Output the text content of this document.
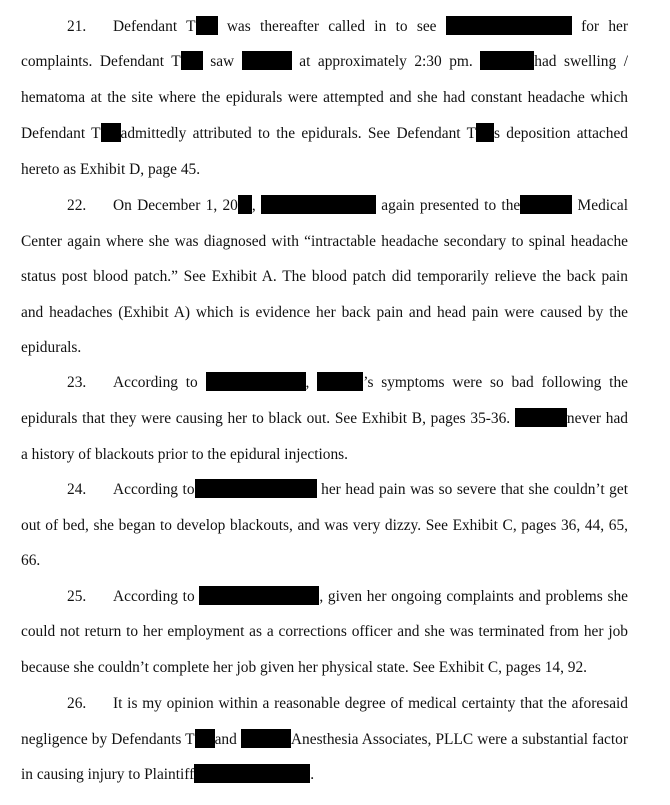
21. Defendant T was thereafter called in to see	for her
complaints. Defendant T saw	at approximately 2:30 pm.	had swelling /
hematoma at the site where the epidurals were attempted and she had constant headache which
Defendant T admittedly attributed to the epidurals. See Defendant T s deposition attached
hereto as Exhibit D, page 45.
22. On December 1, 20 ,	again presented to the	Medical
Center again where she was diagnosed with “intractable headache secondary to spinal headache
status post blood patch.” See Exhibit A. The blood patch did temporarily relieve the back pain
and headaches (Exhibit A) which is evidence her back pain and head pain were caused by the
epidurals.
23. According to	,	’s symptoms were so bad following the
epidurals that they were causing her to black out. See Exhibit B, pages 35-36.	never had
a history of blackouts prior to the epidural injections.
24. According to	her head pain was so severe that she couldn’t get
out of bed, she began to develop blackouts, and was very dizzy. See Exhibit C, pages 36, 44, 65,
66.
25. According to	, given her ongoing complaints and problems she
could not return to her employment as a corrections officer and she was terminated from her job
because she couldn’t complete her job given her physical state. See Exhibit C, pages 14, 92.
26. It is my opinion within a reasonable degree of medical certainty that the aforesaid
negligence by Defendants T and	Anesthesia Associates, PLLC were a substantial factor
in causing injury to Plaintiff	.
